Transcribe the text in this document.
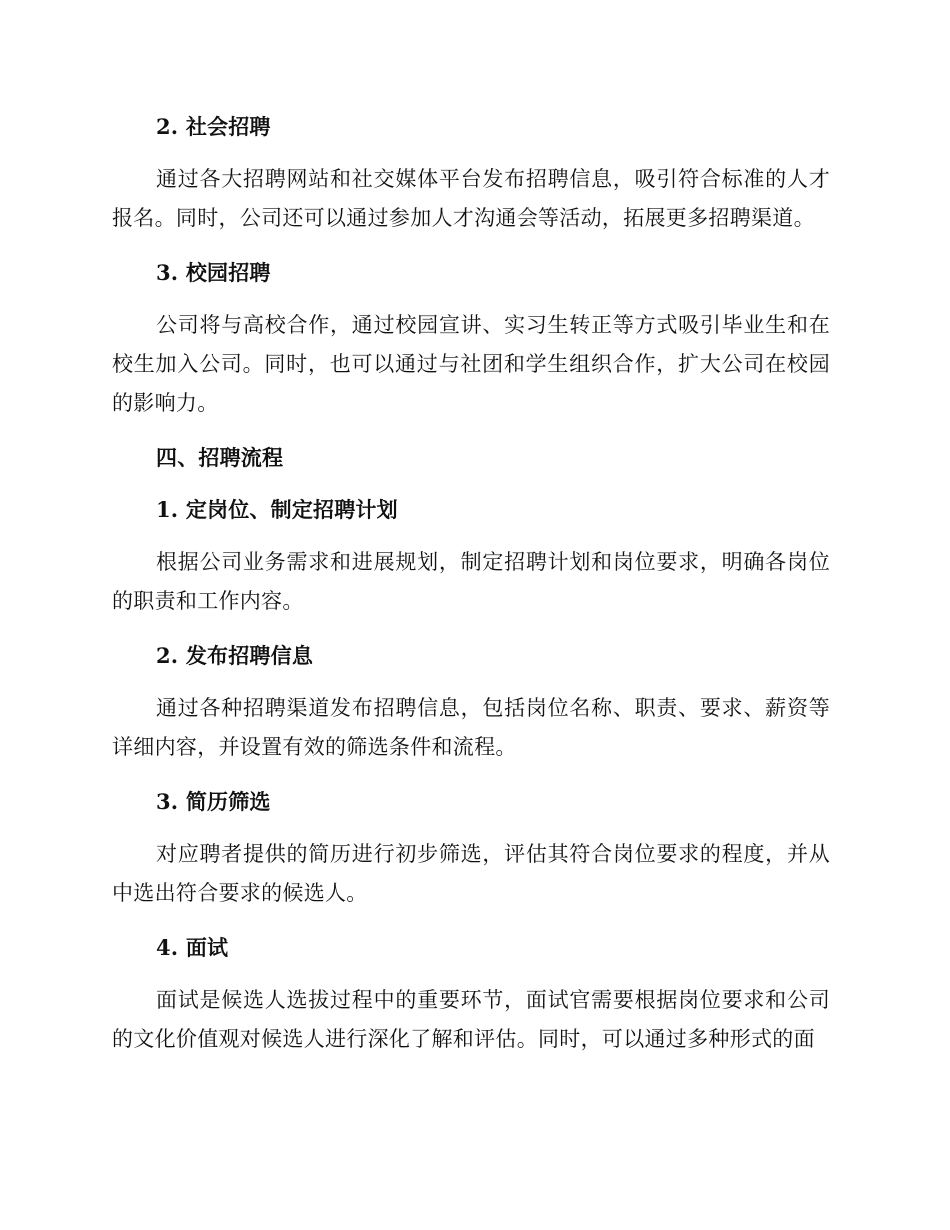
2. 社会招聘

通过各大招聘网站和社交媒体平台发布招聘信息，吸引符合标准的人才报名。同时，公司还可以通过参加人才沟通会等活动，拓展更多招聘渠道。

3. 校园招聘

公司将与高校合作，通过校园宣讲、实习生转正等方式吸引毕业生和在校生加入公司。同时，也可以通过与社团和学生组织合作，扩大公司在校园的影响力。

四、招聘流程

1. 定岗位、制定招聘计划

根据公司业务需求和进展规划，制定招聘计划和岗位要求，明确各岗位的职责和工作内容。

2. 发布招聘信息

通过各种招聘渠道发布招聘信息，包括岗位名称、职责、要求、薪资等详细内容，并设置有效的筛选条件和流程。

3. 简历筛选

对应聘者提供的简历进行初步筛选，评估其符合岗位要求的程度，并从中选出符合要求的候选人。

4. 面试

面试是候选人选拔过程中的重要环节，面试官需要根据岗位要求和公司的文化价值观对候选人进行深化了解和评估。同时，可以通过多种形式的面
